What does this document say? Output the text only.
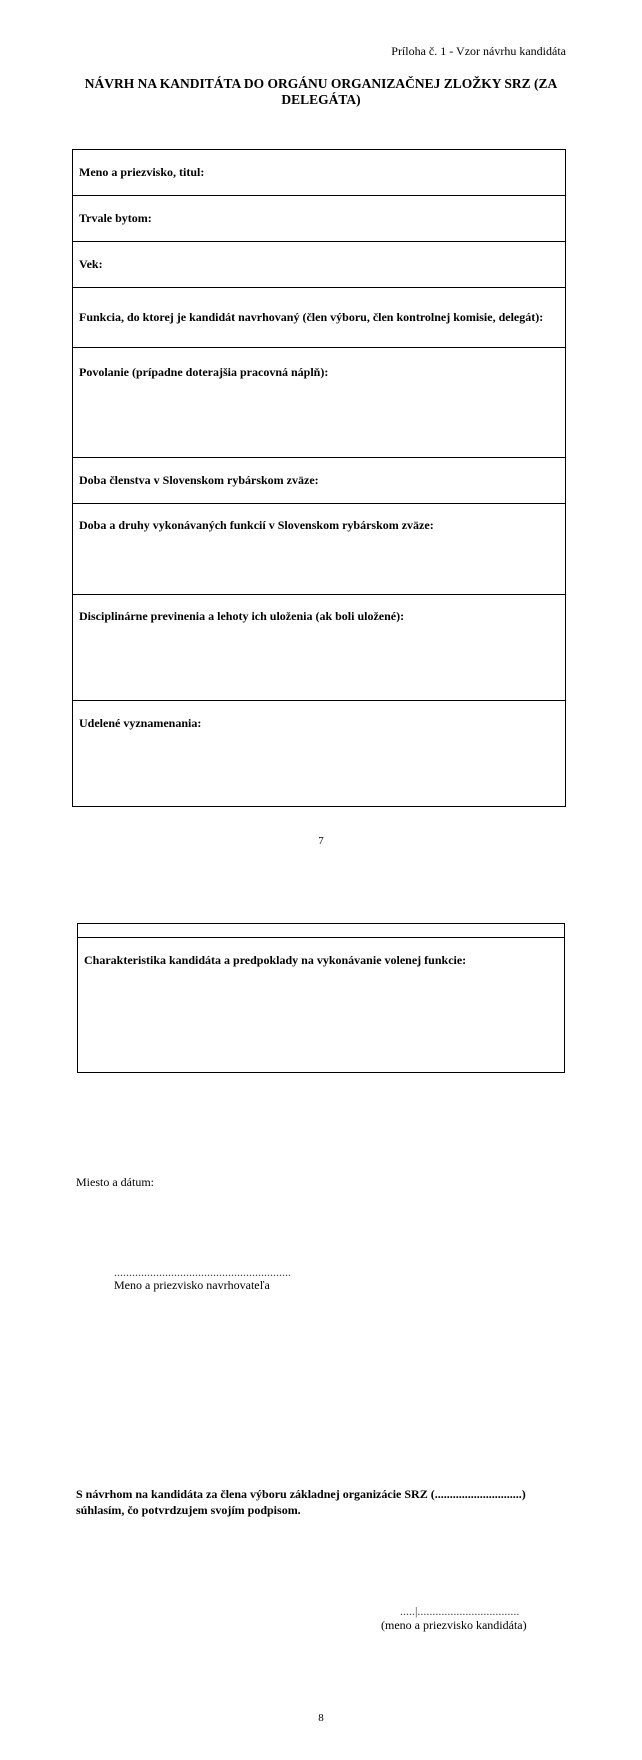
Príloha č. 1 - Vzor návrhu kandidáta
NÁVRH NA KANDITÁTA DO ORGÁNU ORGANIZAČNEJ ZLOŽKY SRZ (ZA
DELEGÁTA)
Meno a priezvisko, titul:

Trvale bytom:

Vek:

Funkcia, do ktorej je kandidát navrhovaný (člen výboru, člen kontrolnej komisie, delegát):

Povolanie (prípadne doterajšia pracovná náplň):

Doba členstva v Slovenskom rybárskom zväze:

Doba a druhy vykonávaných funkcií v Slovenskom rybárskom zväze:

Disciplinárne previnenia a lehoty ich uloženia (ak boli uložené):

Udelené vyznamenania:
7

Charakteristika kandidáta a predpoklady na vykonávanie volenej funkcie:
Miesto a dátum:
...........................................................
Meno a priezvisko navrhovateľa
S návrhom na kandidáta za člena výboru základnej organizácie SRZ (.............................) súhlasím, čo potvrdzujem svojím podpisom.
.....|..................................
(meno a priezvisko kandidáta)
8
